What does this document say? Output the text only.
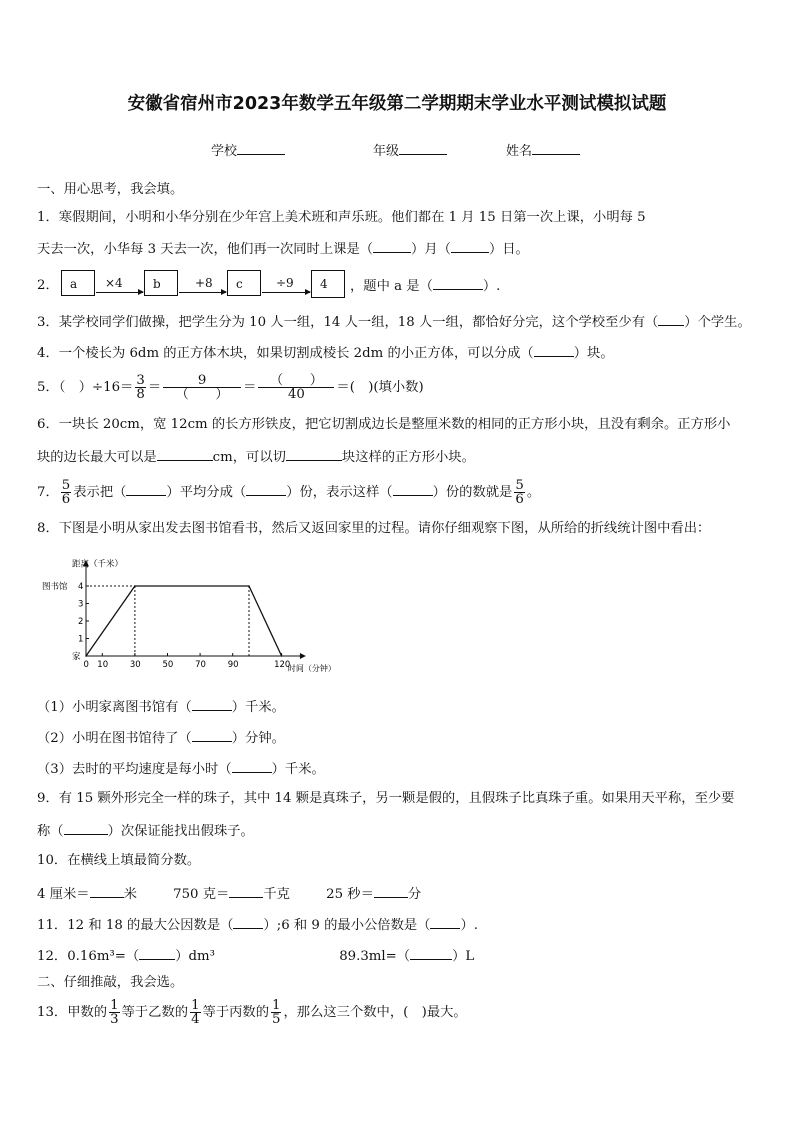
安徽省宿州市2023年数学五年级第二学期期末学业水平测试模拟试题
学校	年级	姓名
一、用心思考，我会填。
1．寒假期间，小明和小华分别在少年宫上美术班和声乐班。他们都在 1 月 15 日第一次上课，小明每 5
天去一次，小华每 3 天去一次，他们再一次同时上课是（	）月（	）日。
2． a	×4	b	+8	c	÷9	4	，题中 a 是（	）.
3．某学校同学们做操，把学生分为 10 人一组，14 人一组，18 人一组，都恰好分完，这个学校至少有（ ）个学生。
4．一个棱长为 6dm 的正方体木块，如果切割成棱长 2dm 的小正方体，可以分成（	）块。
5．（　）$\div 16= \frac{3}{8}$ ＝	9
（　　）	＝	（　　）
40	＝(　)(填小数)
6．一块长 20cm，宽 12cm 的长方形铁皮，把它切割成边长是整厘米数的相同的正方形小块，且没有剩余。正方形小
块的边长最大可以是	cm，可以切	块这样的正方形小块。
7． $\frac{5}{6}$ 表示把（	）平均分成（	）份，表示这样（	）份的数就是 $\frac{5}{6}$ 。
8．下图是小明从家出发去图书馆看书，然后又返回家里的过程。请你仔细观察下图，从所给的折线统计图中看出：
距离（千米）
时间（分钟）
1
2
3
4
图书馆
家
0 10	30	50	70	90	120
（1）小明家离图书馆有（	）千米。
（2）小明在图书馆待了（	）分钟。
（3）去时的平均速度是每小时（	）千米。
9．有 15 颗外形完全一样的珠子，其中 14 颗是真珠子，另一颗是假的，且假珠子比真珠子重。如果用天平称，至少要
称（	）次保证能找出假珠子。
10．在横线上填最简分数。
4 厘米＝	米	750 克＝	千克	25 秒＝	分
11．12 和 18 的最大公因数是（ ）;6 和 9 的最小公倍数是（ ）.
12．0.16m³=（	）dm³	89.3ml=（	）L
二、仔细推敲，我会选。
13．甲数的 $\frac{1}{3}$ 等于乙数的 $\frac{1}{4}$ 等于丙数的 $\frac{1}{5}$ ，那么这三个数中，(　)最大。
